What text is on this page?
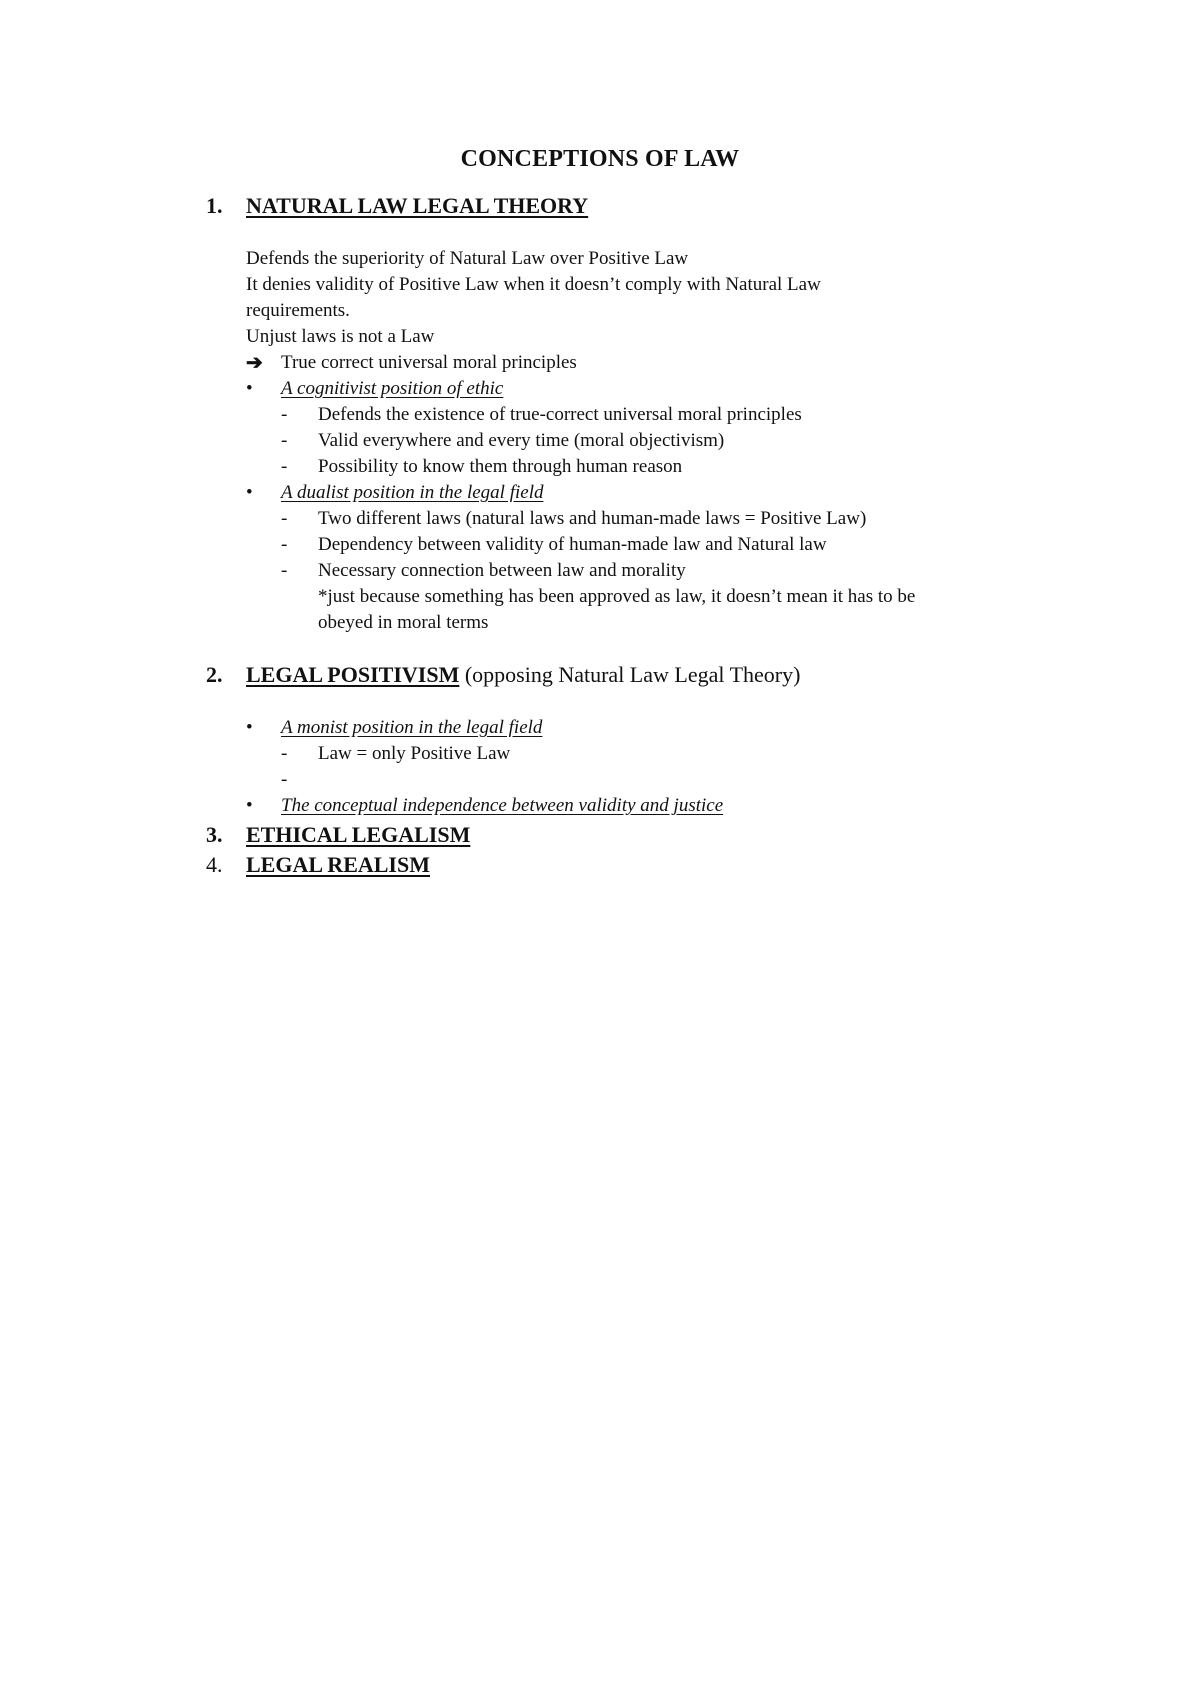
CONCEPTIONS OF LAW
1. NATURAL LAW LEGAL THEORY
Defends the superiority of Natural Law over Positive Law
It denies validity of Positive Law when it doesn’t comply with Natural Law
requirements.
Unjust laws is not a Law
➔ True correct universal moral principles
• A cognitivist position of ethic
- Defends the existence of true-correct universal moral principles
- Valid everywhere and every time (moral objectivism)
- Possibility to know them through human reason
• A dualist position in the legal field
- Two different laws (natural laws and human-made laws = Positive Law)
- Dependency between validity of human-made law and Natural law
- Necessary connection between law and morality
*just because something has been approved as law, it doesn’t mean it has to be
obeyed in moral terms
2. LEGAL POSITIVISM (opposing Natural Law Legal Theory)
• A monist position in the legal field
- Law = only Positive Law
-
• The conceptual independence between validity and justice
3. ETHICAL LEGALISM
4. LEGAL REALISM
